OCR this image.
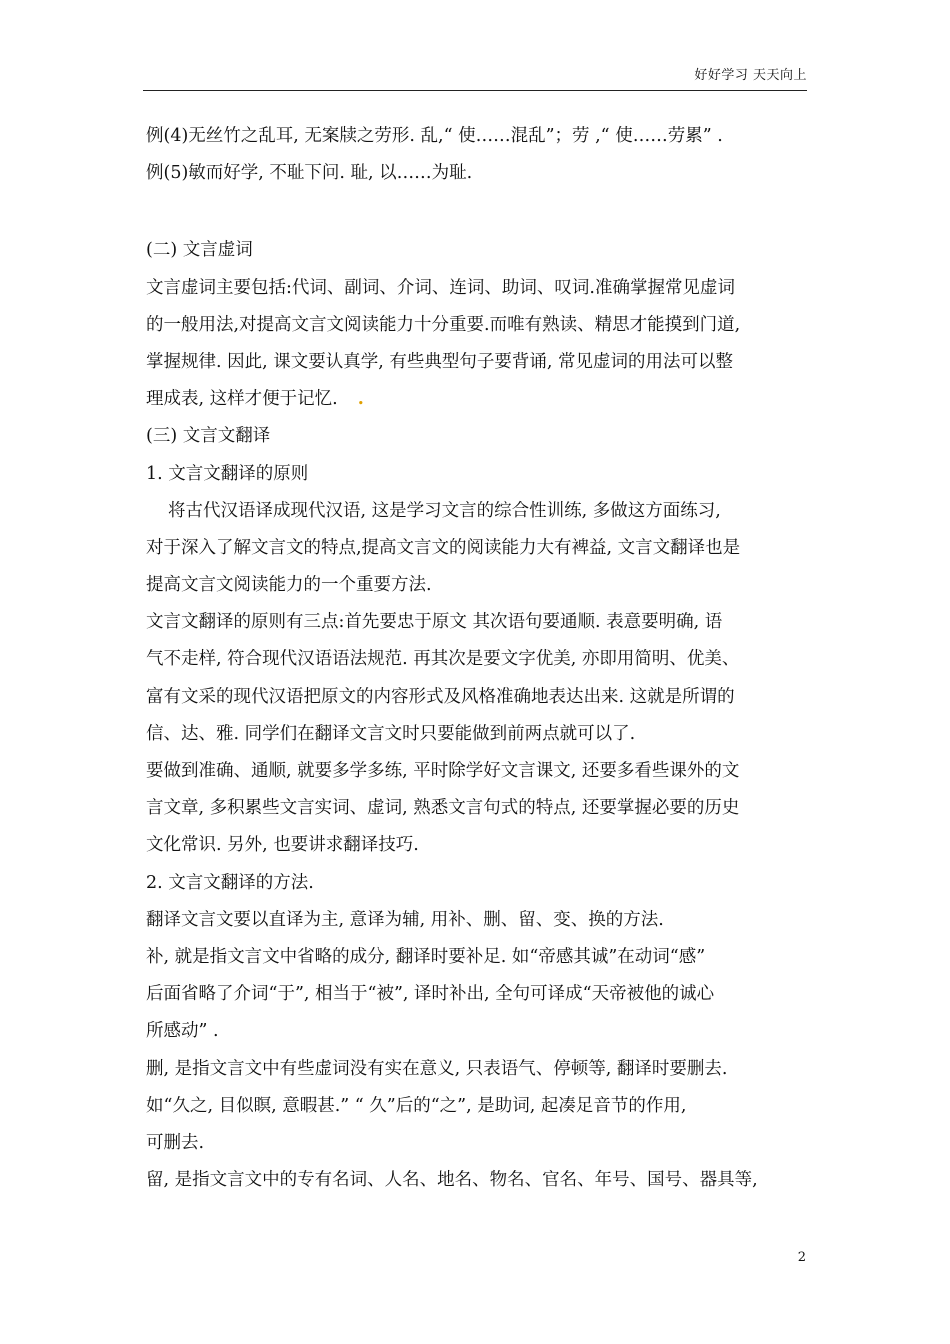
好好学习 天天向上
例(4)无丝竹之乱耳, 无案牍之劳形. 乱,“ 使……混乱”；劳 ,“ 使……劳累” .
例(5)敏而好学, 不耻下问. 耻, 以……为耻.
(二) 文言虚词
文言虚词主要包括:代词、副词、介词、连词、助词、叹词.准确掌握常见虚词
的一般用法,对提高文言文阅读能力十分重要.而唯有熟读、精思才能摸到门道,
掌握规律. 因此, 课文要认真学, 有些典型句子要背诵, 常见虚词的用法可以整
理成表, 这样才便于记忆. .
(三) 文言文翻译
1. 文言文翻译的原则
将古代汉语译成现代汉语, 这是学习文言的综合性训练, 多做这方面练习,
对于深入了解文言文的特点,提高文言文的阅读能力大有裨益, 文言文翻译也是
提高文言文阅读能力的一个重要方法.
文言文翻译的原则有三点:首先要忠于原文 其次语句要通顺. 表意要明确, 语
气不走样, 符合现代汉语语法规范. 再其次是要文字优美, 亦即用简明、优美、
富有文采的现代汉语把原文的内容形式及风格准确地表达出来. 这就是所谓的
信、达、雅. 同学们在翻译文言文时只要能做到前两点就可以了.
要做到准确、通顺, 就要多学多练, 平时除学好文言课文, 还要多看些课外的文
言文章, 多积累些文言实词、虚词, 熟悉文言句式的特点, 还要掌握必要的历史
文化常识. 另外, 也要讲求翻译技巧.
2. 文言文翻译的方法.
翻译文言文要以直译为主, 意译为辅, 用补、删、留、变、换的方法.
补, 就是指文言文中省略的成分, 翻译时要补足. 如“帝感其诚”在动词“感”
后面省略了介词“于”, 相当于“被”, 译时补出, 全句可译成“天帝被他的诚心
所感动” .
删, 是指文言文中有些虚词没有实在意义, 只表语气、停顿等, 翻译时要删去.
如“久之, 目似瞑, 意暇甚.” “ 久”后的“之”, 是助词, 起凑足音节的作用,
可删去.
留, 是指文言文中的专有名词、人名、地名、物名、官名、年号、国号、器具等,
2
